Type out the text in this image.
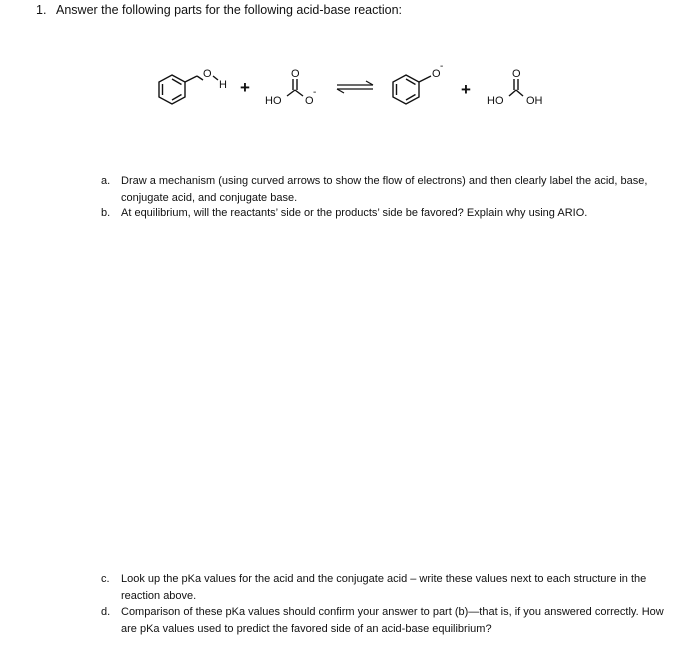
1. Answer the following parts for the following acid-base reaction:
O
H +
O
HO O
-
O
-
+
O
HO OH
a. Draw a mechanism (using curved arrows to show the flow of electrons) and then clearly label the acid, base, conjugate acid, and conjugate base.
b. At equilibrium, will the reactants’ side or the products’ side be favored? Explain why using ARIO.
c. Look up the pKa values for the acid and the conjugate acid – write these values next to each structure in the reaction above.
d. Comparison of these pKa values should confirm your answer to part (b)—that is, if you answered correctly. How are pKa values used to predict the favored side of an acid-base equilibrium?
